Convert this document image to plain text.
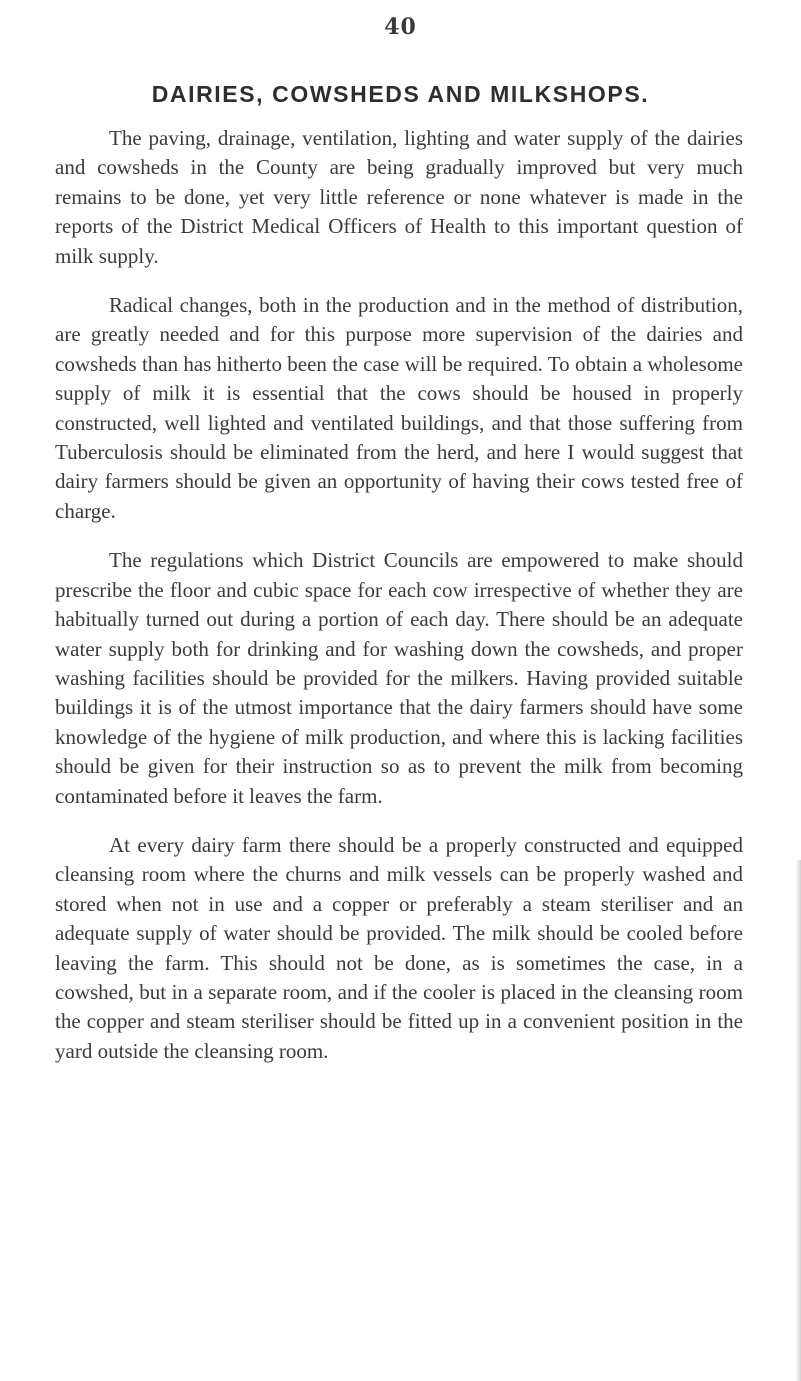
40
DAIRIES, COWSHEDS AND MILKSHOPS.

The paving, drainage, ventilation, lighting and water supply of the dairies and cowsheds in the County are being gradually improved but very much remains to be done, yet very little reference or none whatever is made in the reports of the District Medical Officers of Health to this important question of milk supply.

Radical changes, both in the production and in the method of distribution, are greatly needed and for this purpose more supervision of the dairies and cowsheds than has hitherto been the case will be required. To obtain a wholesome supply of milk it is essential that the cows should be housed in properly constructed, well lighted and ventilated buildings, and that those suffering from Tuberculosis should be eliminated from the herd, and here I would suggest that dairy farmers should be given an opportunity of having their cows tested free of charge.

The regulations which District Councils are empowered to make should prescribe the floor and cubic space for each cow irrespective of whether they are habitually turned out during a portion of each day. There should be an adequate water supply both for drinking and for washing down the cowsheds, and proper washing facilities should be provided for the milkers. Having provided suitable buildings it is of the utmost importance that the dairy farmers should have some knowledge of the hygiene of milk production, and where this is lacking facilities should be given for their instruction so as to prevent the milk from becoming contaminated before it leaves the farm.

At every dairy farm there should be a properly constructed and equipped cleansing room where the churns and milk vessels can be properly washed and stored when not in use and a copper or preferably a steam steriliser and an adequate supply of water should be provided. The milk should be cooled before leaving the farm. This should not be done, as is sometimes the case, in a cowshed, but in a separate room, and if the cooler is placed in the cleansing room the copper and steam steriliser should be fitted up in a convenient position in the yard outside the cleansing room.
